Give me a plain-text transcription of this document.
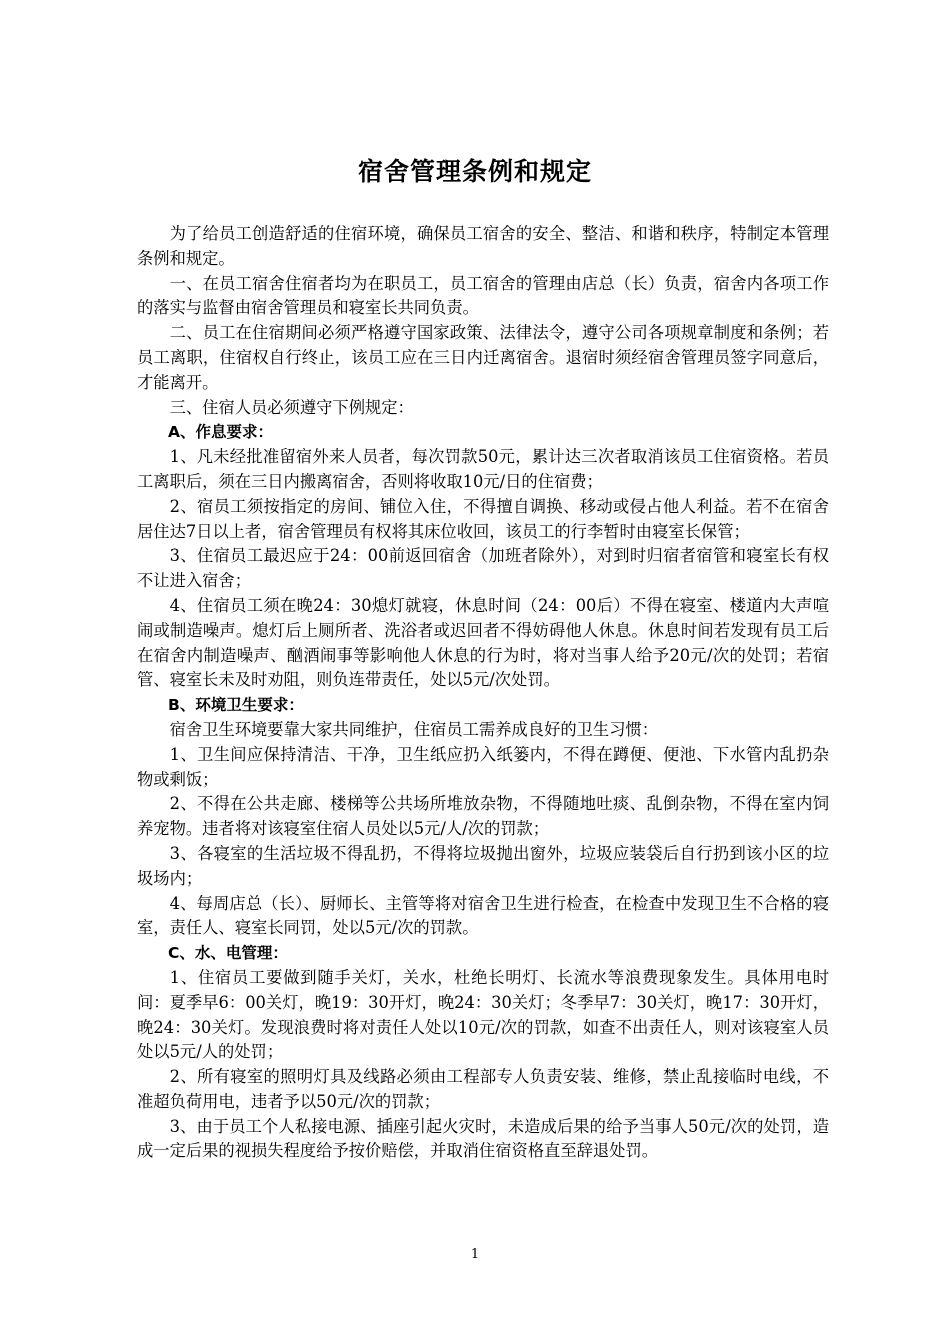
宿舍管理条例和规定

为了给员工创造舒适的住宿环境，确保员工宿舍的安全、整洁、和谐和秩序，特制定本管理条例和规定。

一、在员工宿舍住宿者均为在职员工，员工宿舍的管理由店总（长）负责，宿舍内各项工作的落实与监督由宿舍管理员和寝室长共同负责。

二、员工在住宿期间必须严格遵守国家政策、法律法令，遵守公司各项规章制度和条例；若员工离职，住宿权自行终止，该员工应在三日内迁离宿舍。退宿时须经宿舍管理员签字同意后，才能离开。

三、住宿人员必须遵守下例规定：

A、作息要求：

1、凡未经批准留宿外来人员者，每次罚款50元，累计达三次者取消该员工住宿资格。若员工离职后，须在三日内搬离宿舍，否则将收取10元/日的住宿费；

2、宿员工须按指定的房间、铺位入住，不得擅自调换、移动或侵占他人利益。若不在宿舍居住达7日以上者，宿舍管理员有权将其床位收回，该员工的行李暂时由寝室长保管；

3、住宿员工最迟应于24：00前返回宿舍（加班者除外），对到时归宿者宿管和寝室长有权不让进入宿舍；

4、住宿员工须在晚24：30熄灯就寝，休息时间（24：00后）不得在寝室、楼道内大声喧闹或制造噪声。熄灯后上厕所者、洗浴者或迟回者不得妨碍他人休息。休息时间若发现有员工后在宿舍内制造噪声、酗酒闹事等影响他人休息的行为时，将对当事人给予20元/次的处罚；若宿管、寝室长未及时劝阻，则负连带责任，处以5元/次处罚。

B、环境卫生要求：

宿舍卫生环境要靠大家共同维护，住宿员工需养成良好的卫生习惯：

1、卫生间应保持清洁、干净，卫生纸应扔入纸篓内，不得在蹲便、便池、下水管内乱扔杂物或剩饭；

2、不得在公共走廊、楼梯等公共场所堆放杂物，不得随地吐痰、乱倒杂物，不得在室内饲养宠物。违者将对该寝室住宿人员处以5元/人/次的罚款；

3、各寝室的生活垃圾不得乱扔，不得将垃圾抛出窗外，垃圾应装袋后自行扔到该小区的垃圾场内；

4、每周店总（长）、厨师长、主管等将对宿舍卫生进行检查，在检查中发现卫生不合格的寝室，责任人、寝室长同罚，处以5元/次的罚款。

C、水、电管理：

1、住宿员工要做到随手关灯，关水，杜绝长明灯、长流水等浪费现象发生。具体用电时间：夏季早6：00关灯，晚19：30开灯，晚24：30关灯；冬季早7：30关灯，晚17：30开灯，晚24：30关灯。发现浪费时将对责任人处以10元/次的罚款，如查不出责任人，则对该寝室人员处以5元/人的处罚；

2、所有寝室的照明灯具及线路必须由工程部专人负责安装、维修，禁止乱接临时电线，不准超负荷用电，违者予以50元/次的罚款；

3、由于员工个人私接电源、插座引起火灾时，未造成后果的给予当事人50元/次的处罚，造成一定后果的视损失程度给予按价赔偿，并取消住宿资格直至辞退处罚。

1
